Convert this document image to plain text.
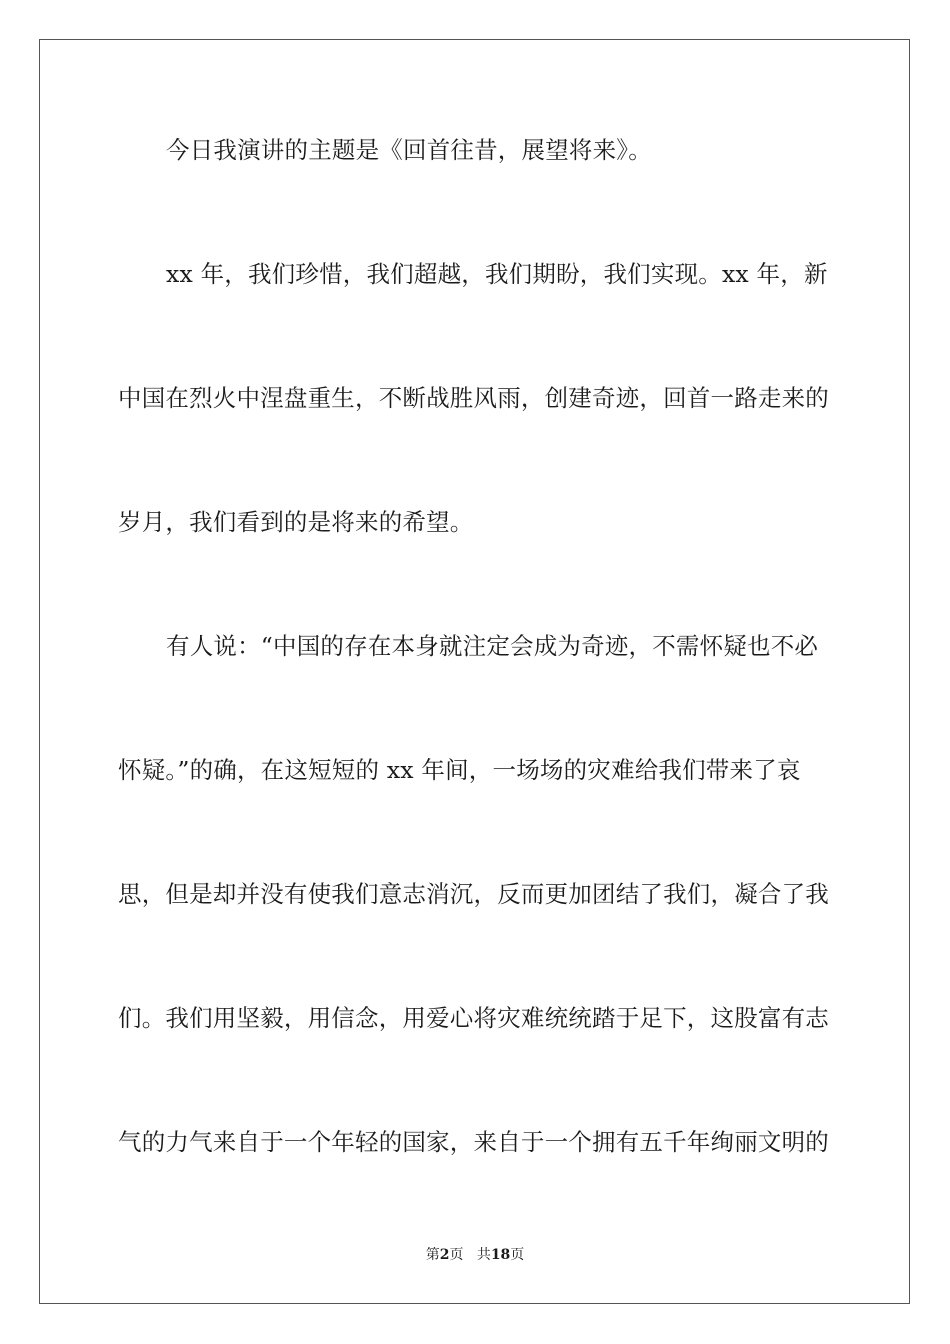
今日我演讲的主题是《回首往昔，展望将来》。
xx 年，我们珍惜，我们超越，我们期盼，我们实现。xx 年，新
中国在烈火中涅盘重生，不断战胜风雨，创建奇迹，回首一路走来的
岁月，我们看到的是将来的希望。
有人说：“中国的存在本身就注定会成为奇迹，不需怀疑也不必
怀疑。”的确，在这短短的 xx 年间，一场场的灾难给我们带来了哀
思，但是却并没有使我们意志消沉，反而更加团结了我们，凝合了我
们。我们用坚毅，用信念，用爱心将灾难统统踏于足下，这股富有志
气的力气来自于一个年轻的国家，来自于一个拥有五千年绚丽文明的
第2页 共18页
